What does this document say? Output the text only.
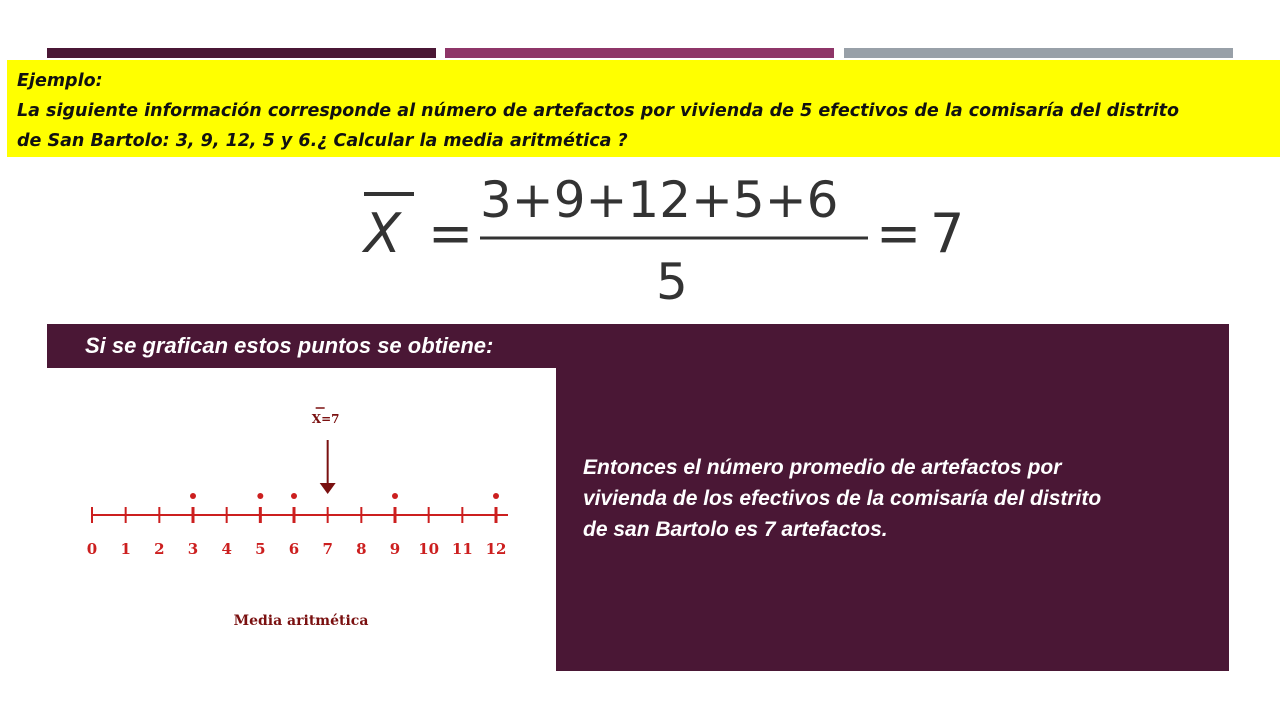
Ejemplo:
La siguiente información corresponde al número de artefactos por vivienda de 5 efectivos de la comisaría del distrito
de San Bartolo: 3, 9, 12, 5 y 6.¿ Calcular la media aritmética ?
X =
3+9+12+5+6
5
= 7
Si se grafican estos puntos se obtiene:
Entonces el número promedio de artefactos por
vivienda de los efectivos de la comisaría del distrito
de san Bartolo es 7 artefactos.
0 1 2 3 4 5 6 7 8 9 10 11 12
X=7
Media aritmética
